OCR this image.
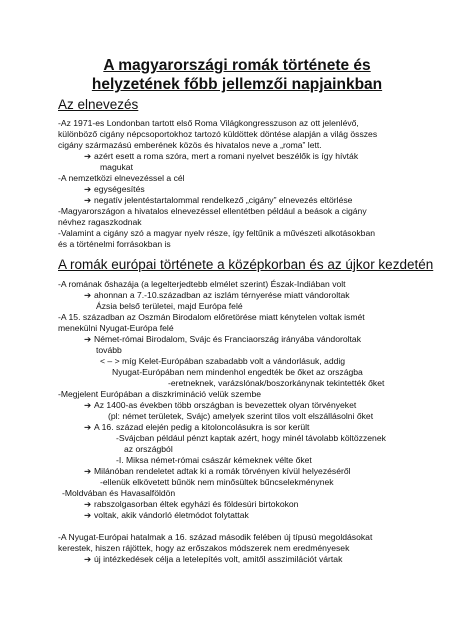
A magyarországi romák története és
helyzetének főbb jellemzői napjainkban
Az elnevezés
-Az 1971-es Londonban tartott első Roma Világkongresszuson az ott jelenlévő,
különböző cigány népcsoportokhoz tartozó küldöttek döntése alapján a világ összes
cigány származású emberének közös és hivatalos neve a „roma” lett.
➔ azért esett a roma szóra, mert a romani nyelvet beszélők is így hívták
magukat
-A nemzetközi elnevezéssel a cél
➔ egységesítés
➔ negatív jelentéstartalommal rendelkező „cigány” elnevezés eltörlése
-Magyarországon a hivatalos elnevezéssel ellentétben például a beások a cigány
névhez ragaszkodnak
-Valamint a cigány szó a magyar nyelv része, így feltűnik a művészeti alkotásokban
és a történelmi forrásokban is
A romák európai története a középkorban és az újkor kezdetén
-A romának őshazája (a legelterjedtebb elmélet szerint) Észak-Indiában volt
➔ ahonnan a 7.-10.században az iszlám térnyerése miatt vándoroltak
Ázsia belső területei, majd Európa felé
-A 15. században az Oszmán Birodalom előretörése miatt kénytelen voltak ismét
menekülni Nyugat-Európa felé
➔ Német-római Birodalom, Svájc és Franciaország irányába vándoroltak
tovább
< – > míg Kelet-Európában szabadabb volt a vándorlásuk, addig
Nyugat-Európában nem mindenhol engedték be őket az országba
-eretneknek, varázslónak/boszorkánynak tekintették őket
-Megjelent Európában a diszkrimináció velük szembe
➔ Az 1400-as években több országban is bevezettek olyan törvényeket
(pl: német területek, Svájc) amelyek szerint tilos volt elszállásolni őket
➔ A 16. század elején pedig a kitoloncolásukra is sor került
-Svájcban például pénzt kaptak azért, hogy minél távolabb költözzenek
az országból
-I. Miksa német-római császár kémeknek vélte őket
➔ Milánóban rendeletet adtak ki a romák törvényen kívül helyezéséről
-ellenük elkövetett bűnök nem minősültek bűncselekménynek
-Moldvában és Havasalföldön
➔ rabszolgasorban éltek egyházi és földesúri birtokokon
➔ voltak, akik vándorló életmódot folytattak
-A Nyugat-Európai hatalmak a 16. század második felében új típusú megoldásokat
kerestek, hiszen rájöttek, hogy az erőszakos módszerek nem eredményesek
➔ új intézkedések célja a letelepítés volt, amitől asszimilációt vártak
